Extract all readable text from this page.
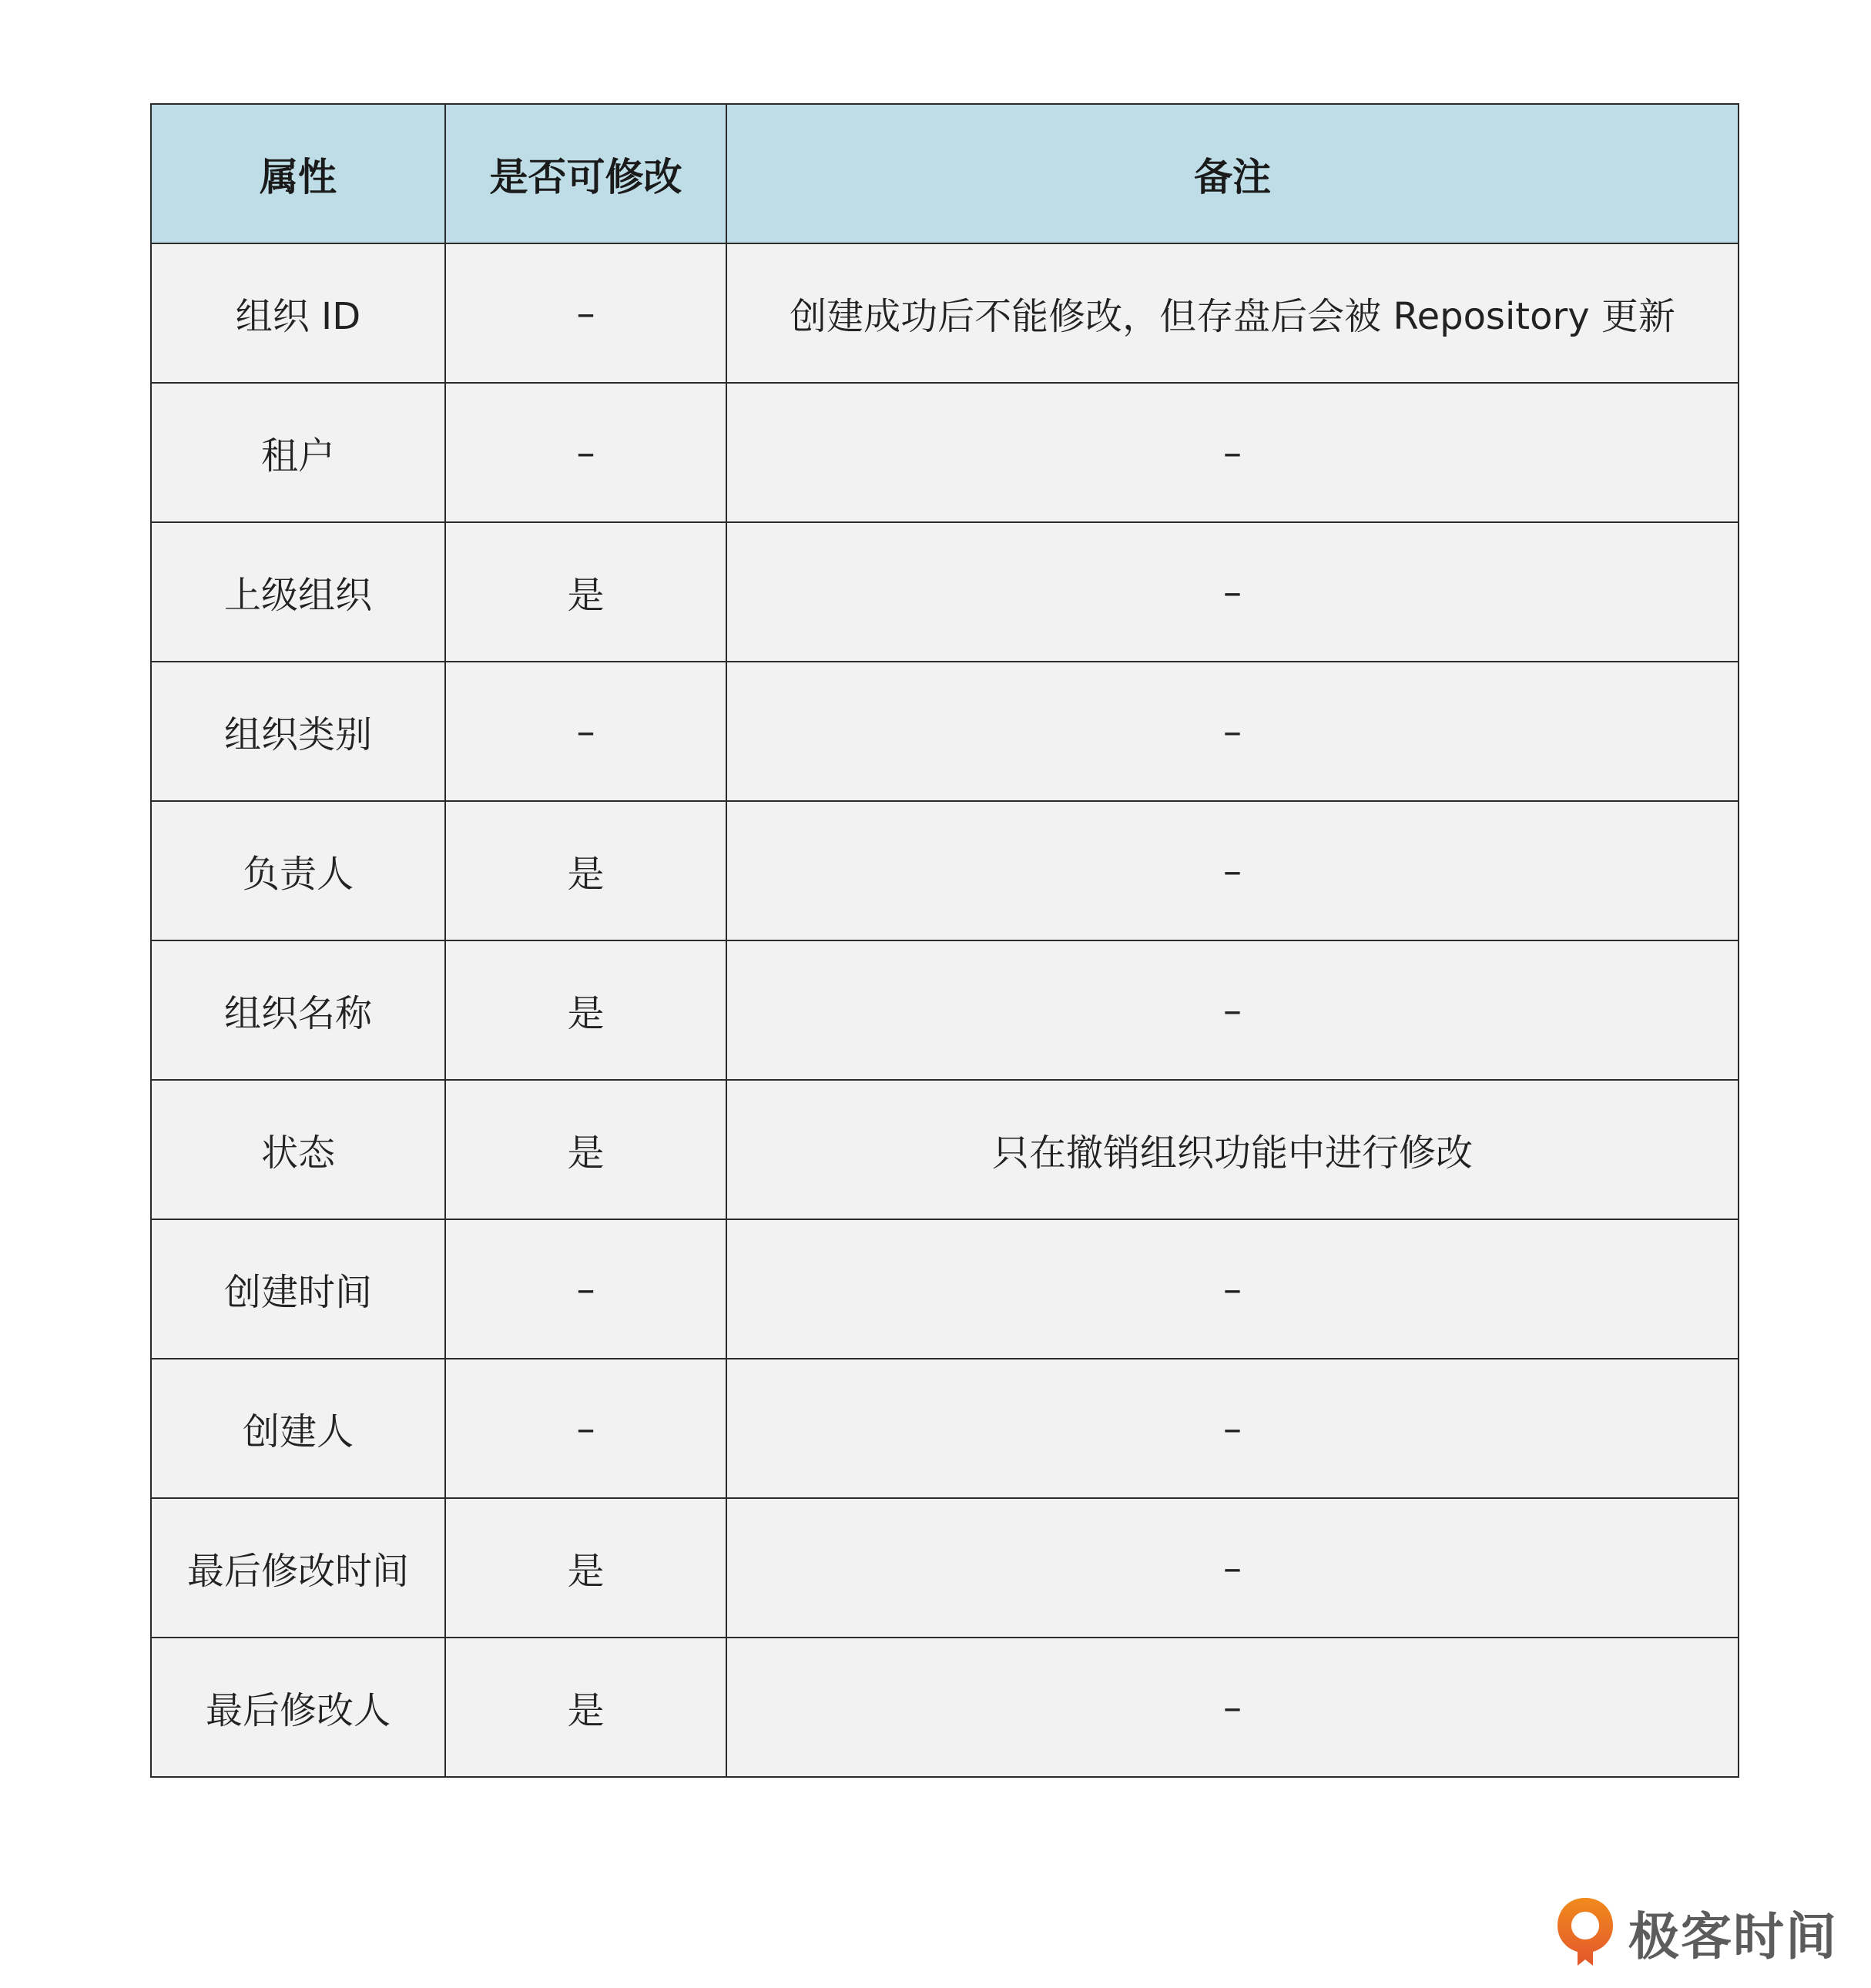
属性	是否可修改	备注
组织 ID	–	创建成功后不能修改，但存盘后会被 Repository 更新
租户	–	–
上级组织	是	–
组织类别	–	–
负责人	是	–
组织名称	是	–
状态	是	只在撤销组织功能中进行修改
创建时间	–	–
创建人	–	–
最后修改时间	是	–
最后修改人	是	–
极客时间
